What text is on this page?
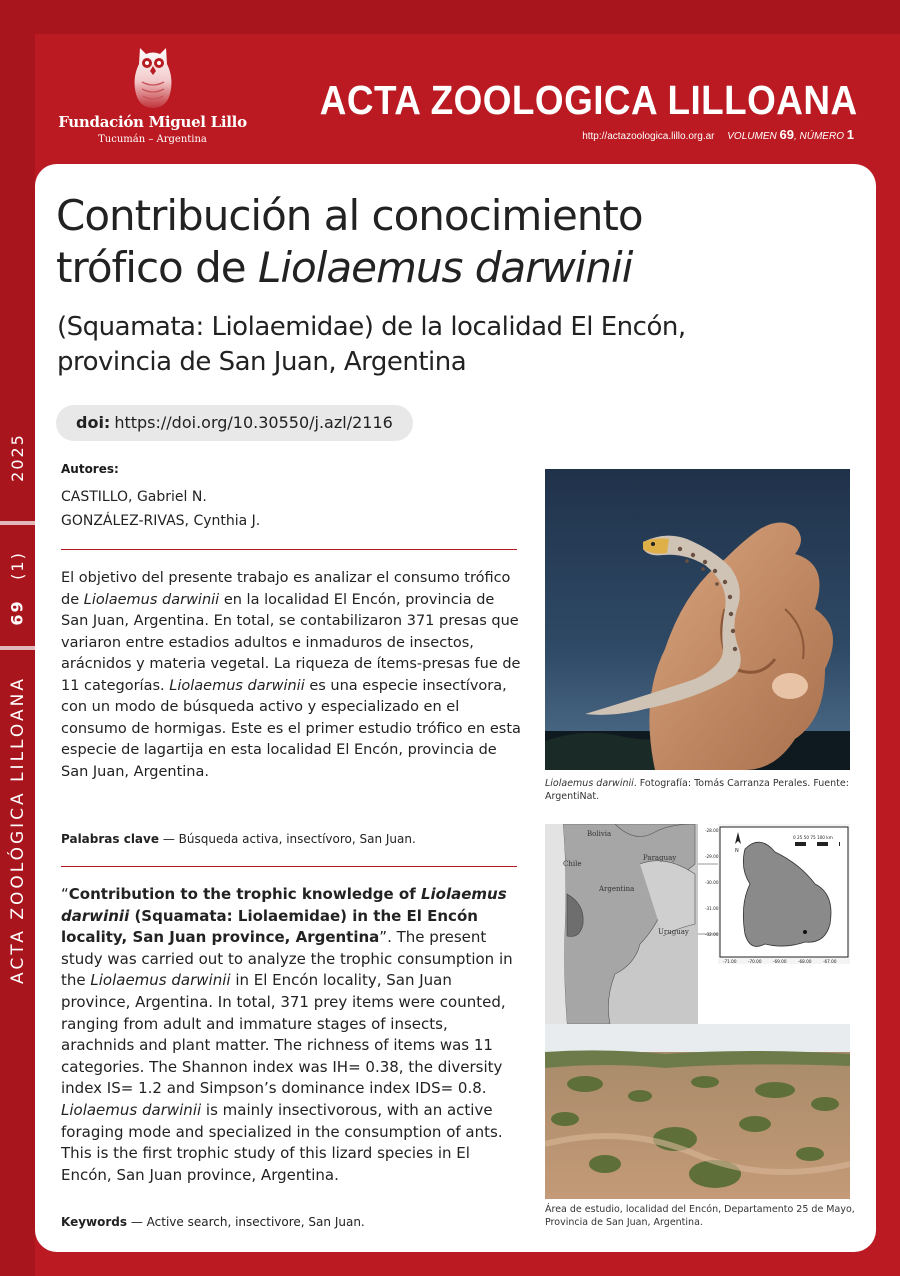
2025
(1)
69
ACTA ZOOLÓGICA LILLOANA
Fundación Miguel Lillo
Tucumán – Argentina
ACTA ZOOLOGICA LILLOANA
http://actazoologica.lillo.org.ar VOLUMEN 69, NÚMERO 1
Contribución al conocimiento
trófico de Liolaemus darwinii
(Squamata: Liolaemidae) de la localidad El Encón,
provincia de San Juan, Argentina
doi: https://doi.org/10.30550/j.azl/2116
Autores:
CASTILLO, Gabriel N.
GONZÁLEZ-RIVAS, Cynthia J.
El objetivo del presente trabajo es analizar el consumo trófico de Liolaemus darwinii en la localidad El Encón, provincia de San Juan, Argentina. En total, se contabilizaron 371 presas que variaron entre estadios adultos e inmaduros de insectos, arácnidos y materia vegetal. La riqueza de ítems-presas fue de 11 categorías. Liolaemus darwinii es una especie insectívora, con un modo de búsqueda activo y especializado en el consumo de hormigas. Este es el primer estudio trófico en esta especie de lagartija en esta localidad El Encón, provincia de San Juan, Argentina.
Palabras clave — Búsqueda activa, insectívoro, San Juan.
“Contribution to the trophic knowledge of Liolaemus darwinii (Squamata: Liolaemidae) in the El Encón locality, San Juan province, Argentina”. The present study was carried out to analyze the trophic consumption in the Liolaemus darwinii in El Encón locality, San Juan province, Argentina. In total, 371 prey items were counted, ranging from adult and immature stages of insects, arachnids and plant matter. The richness of items was 11 categories. The Shannon index was IH= 0.38, the diversity index IS= 1.2 and Simpson’s dominance index IDS= 0.8. Liolaemus darwinii is mainly insectivorous, with an active foraging mode and specialized in the consumption of ants. This is the first trophic study of this lizard species in El Encón, San Juan province, Argentina.
Keywords — Active search, insectivore, San Juan.
Liolaemus darwinii. Fotografía: Tomás Carranza Perales. Fuente: ArgentiNat.
Bolivia
Paraguay
Chile
Argentina
Uruguay
N
0 25 50 75 100 km
-28.00
-29.00
-30.00
-31.00
-32.00
-71.00	-70.00	-69.00	-68.00	-67.00
Área de estudio, localidad del Encón, Departamento 25 de Mayo, Provincia de San Juan, Argentina.
